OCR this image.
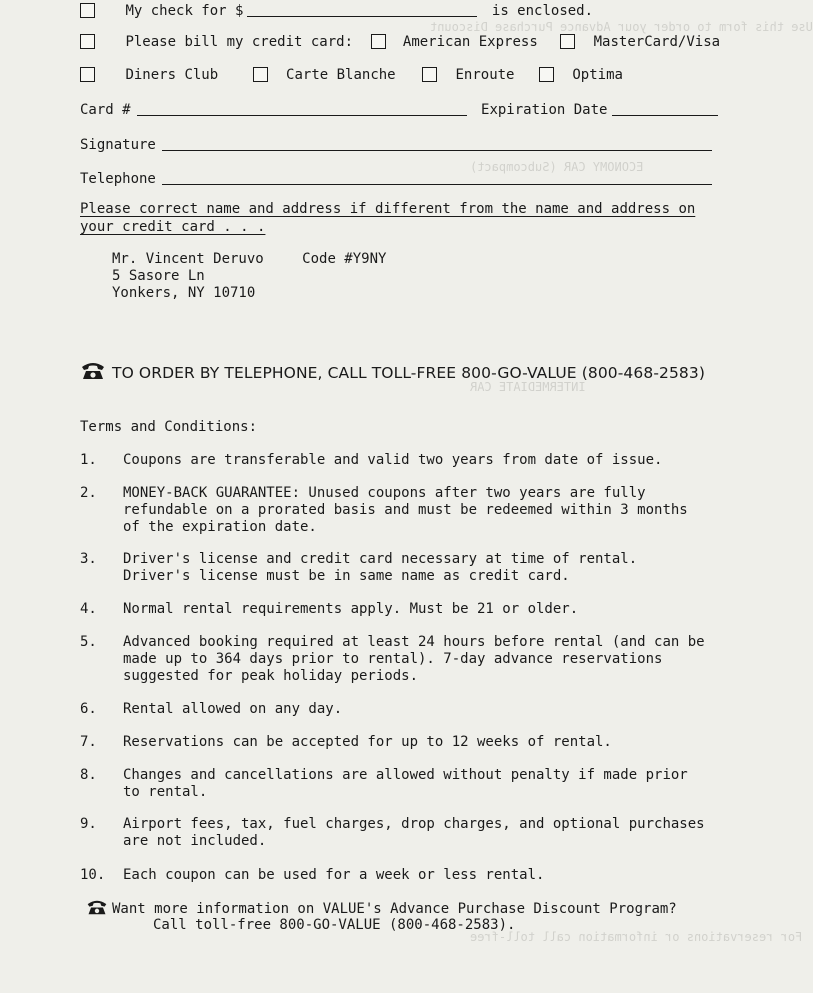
Use this form to order your Advance Purchase Discount
ECONOMY CAR (Subcompact)
INTERMEDIATE CAR
For reservations or information call toll-free
My check for $	is enclosed.
Please bill my credit card:	American Express	MasterCard/Visa
Diners Club	Carte Blanche	Enroute	Optima
Card #	Expiration Date
Signature
Telephone
Please correct name and address if different from the name and address on
your credit card . . .
Mr. Vincent Deruvo	Code #Y9NY
5 Sasore Ln
Yonkers, NY 10710
TO ORDER BY TELEPHONE, CALL TOLL-FREE 800-GO-VALUE (800-468-2583)
Terms and Conditions:
1. Coupons are transferable and valid two years from date of issue.
2. MONEY-BACK GUARANTEE: Unused coupons after two years are fully refundable on a prorated basis and must be redeemed within 3 months of the expiration date.
3. Driver's license and credit card necessary at time of rental. Driver's license must be in same name as credit card.
4. Normal rental requirements apply. Must be 21 or older.
5. Advanced booking required at least 24 hours before rental (and can be made up to 364 days prior to rental). 7-day advance reservations suggested for peak holiday periods.
6. Rental allowed on any day.
7. Reservations can be accepted for up to 12 weeks of rental.
8. Changes and cancellations are allowed without penalty if made prior to rental.
9. Airport fees, tax, fuel charges, drop charges, and optional purchases are not included.
10. Each coupon can be used for a week or less rental.
Want more information on VALUE's Advance Purchase Discount Program?
Call toll-free 800-GO-VALUE (800-468-2583).
